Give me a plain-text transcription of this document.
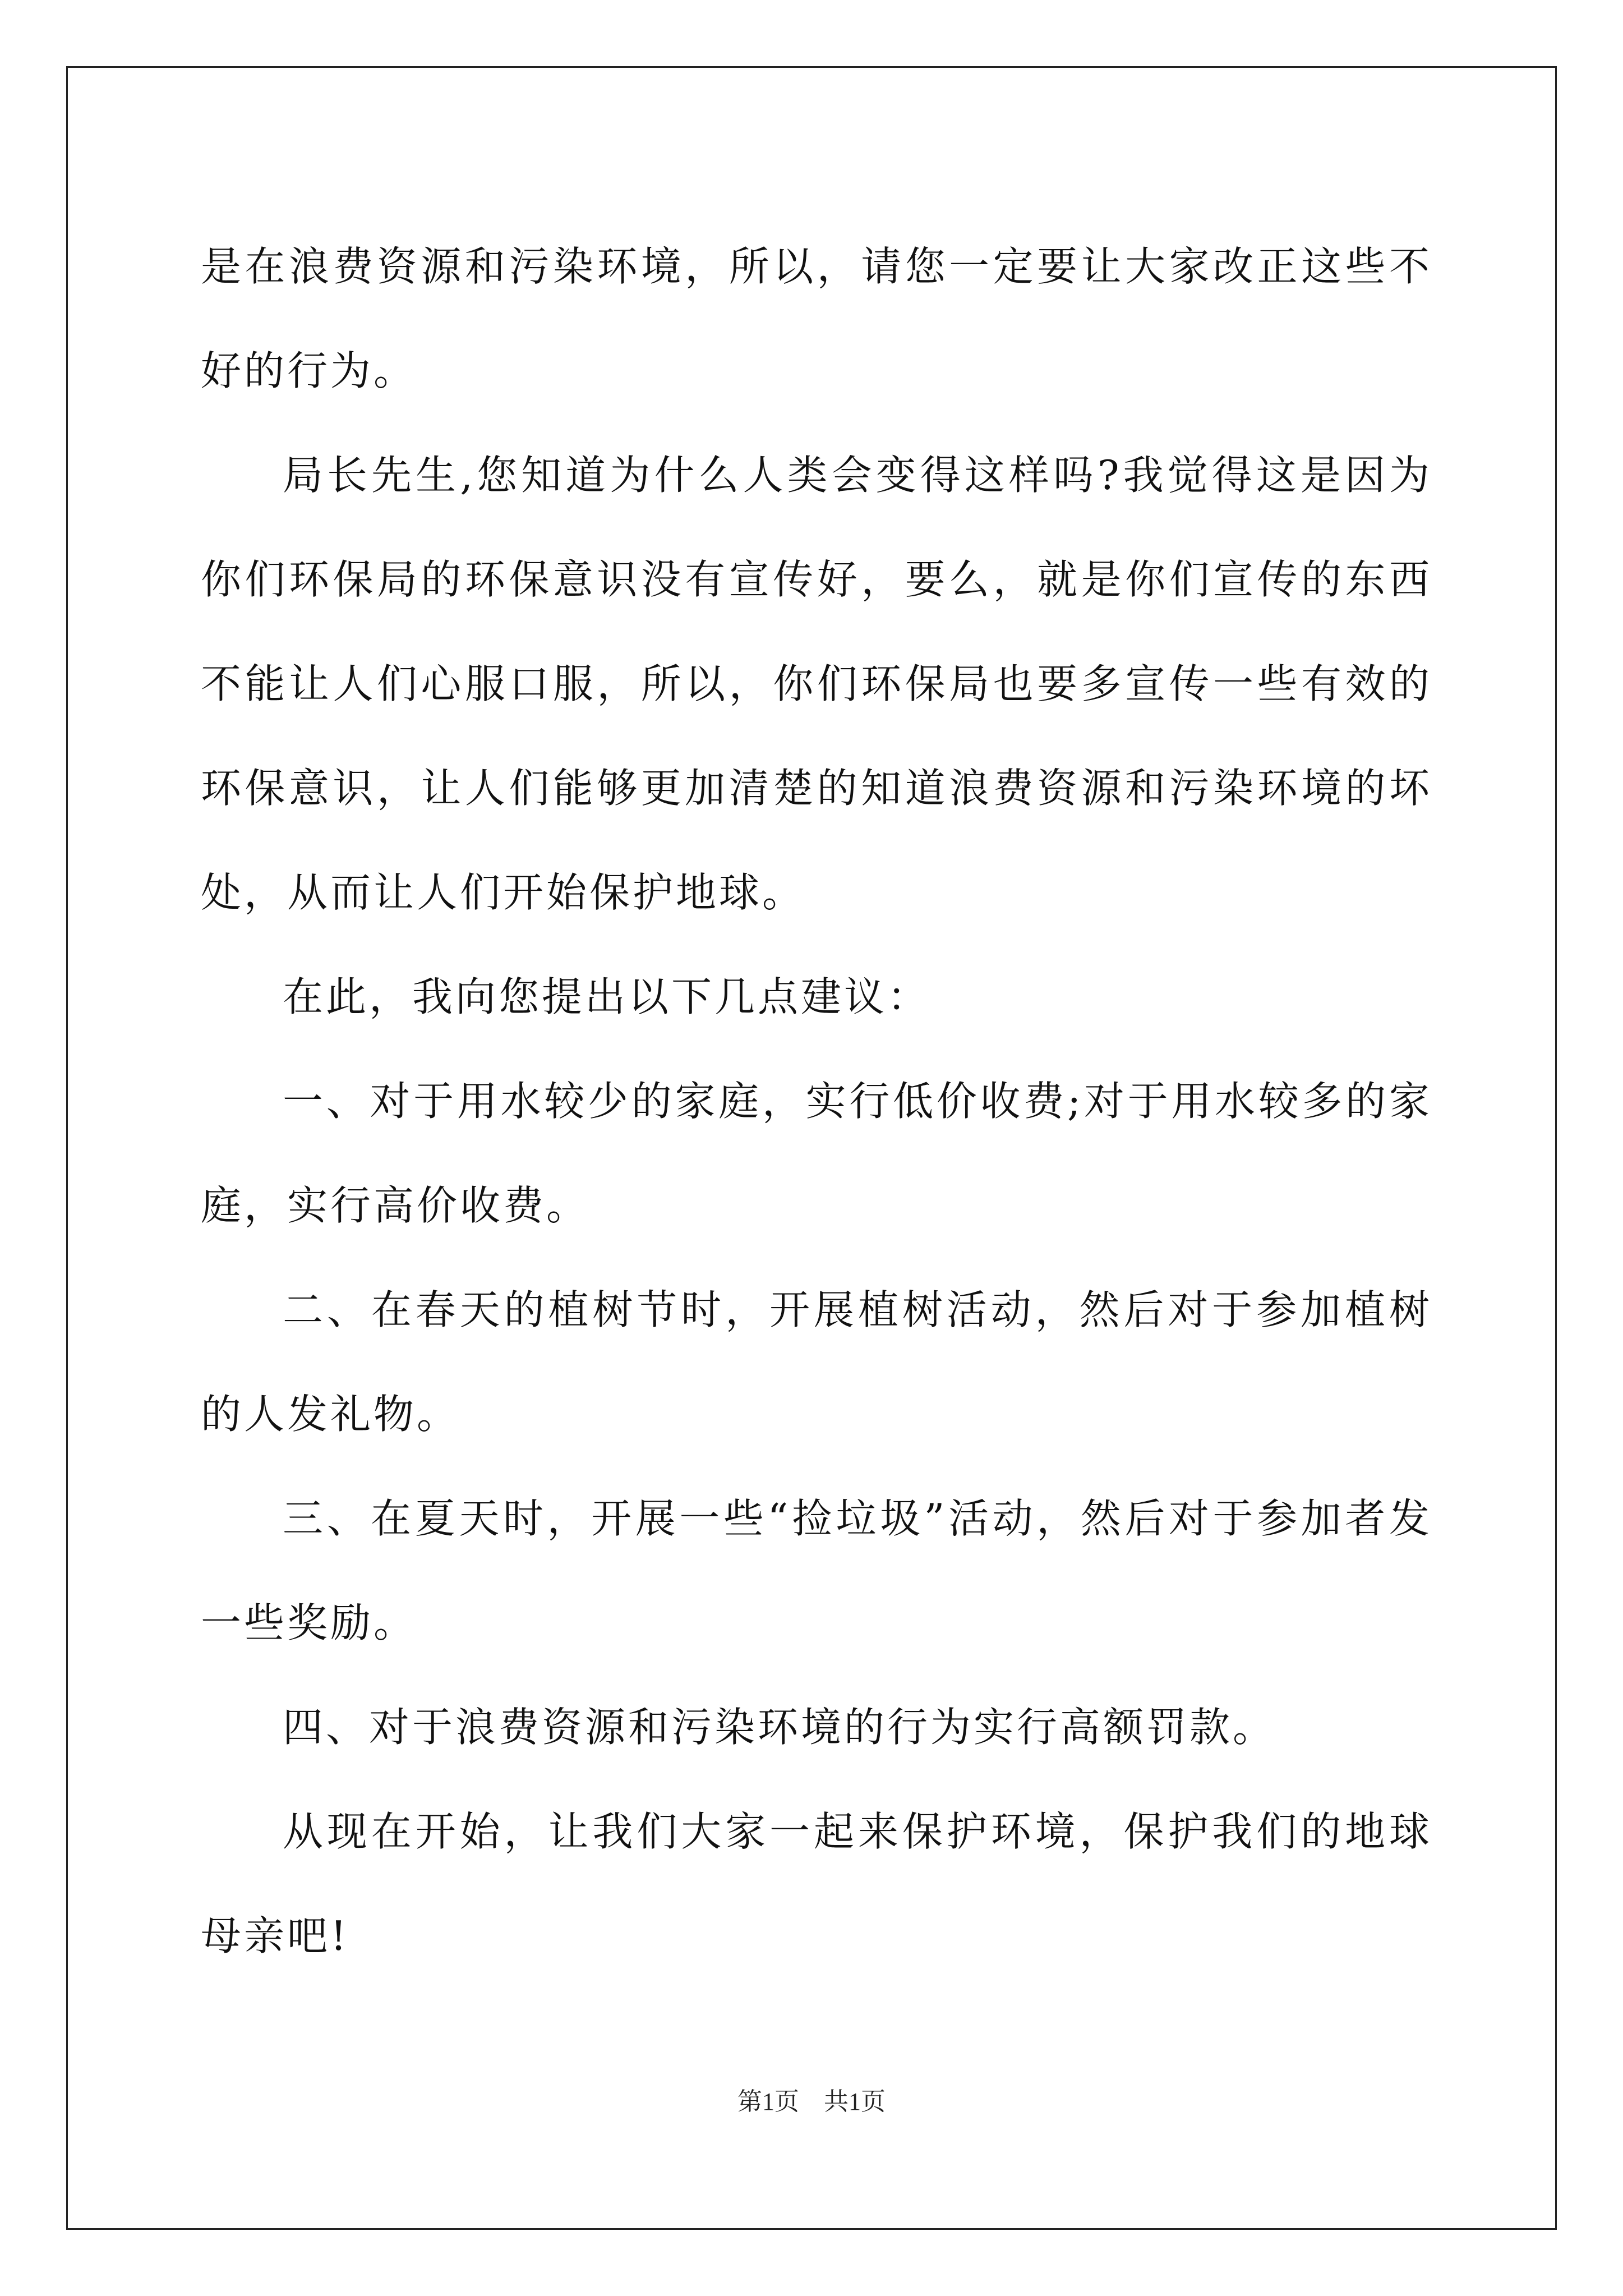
是在浪费资源和污染环境，所以，请您一定要让大家改正这些不好的行为。

局长先生,您知道为什么人类会变得这样吗?我觉得这是因为你们环保局的环保意识没有宣传好，要么，就是你们宣传的东西不能让人们心服口服，所以，你们环保局也要多宣传一些有效的环保意识，让人们能够更加清楚的知道浪费资源和污染环境的坏处，从而让人们开始保护地球。

在此，我向您提出以下几点建议：

一、对于用水较少的家庭，实行低价收费;对于用水较多的家庭，实行高价收费。

二、在春天的植树节时，开展植树活动，然后对于参加植树的人发礼物。

三、在夏天时，开展一些“捡垃圾”活动，然后对于参加者发一些奖励。

四、对于浪费资源和污染环境的行为实行高额罚款。

从现在开始，让我们大家一起来保护环境，保护我们的地球母亲吧!

第1页　共1页
